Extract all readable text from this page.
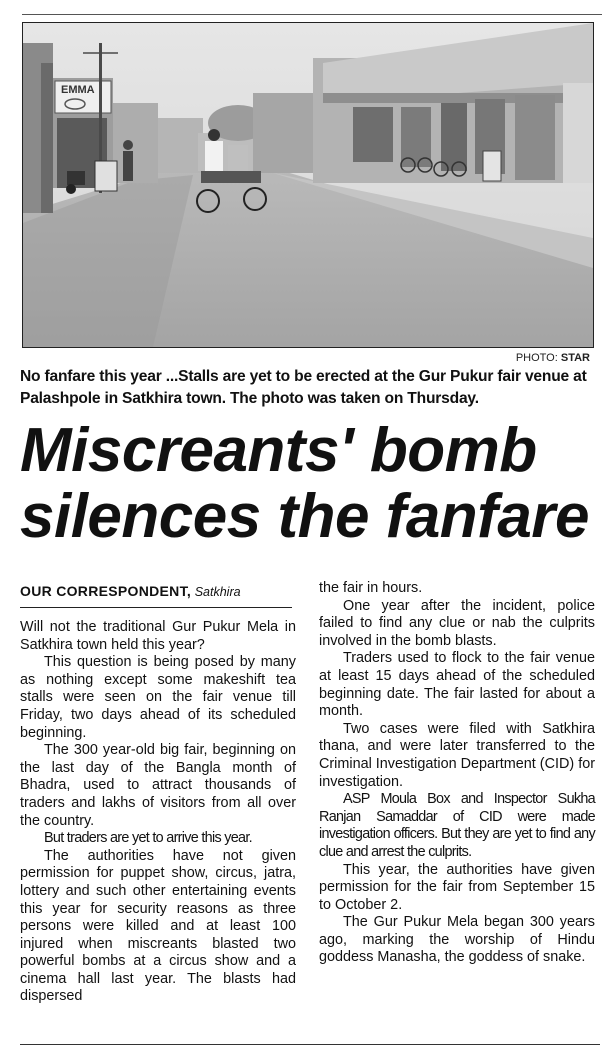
EMMA
PHOTO: STAR
No fanfare this year ...Stalls are yet to be erected at the Gur Pukur fair venue at Palashpole in Satkhira town. The photo was taken on Thursday.
Miscreants' bomb
silences the fanfare
OUR CORRESPONDENT, Satkhira

Will not the traditional Gur Pukur Mela in Satkhira town held this year?

This question is being posed by many as nothing except some makeshift tea stalls were seen on the fair venue till Friday, two days ahead of its scheduled beginning.

The 300 year-old big fair, beginning on the last day of the Bangla month of Bhadra, used to attract thousands of traders and lakhs of visitors from all over the country.

But traders are yet to arrive this year.

The authorities have not given permission for puppet show, circus, jatra, lottery and such other entertaining events this year for security reasons as three persons were killed and at least 100 injured when miscreants blasted two powerful bombs at a circus show and a cinema hall last year. The blasts had dispersed

the fair in hours.

One year after the incident, police failed to find any clue or nab the culprits involved in the bomb blasts.

Traders used to flock to the fair venue at least 15 days ahead of the scheduled beginning date. The fair lasted for about a month.

Two cases were filed with Satkhira thana, and were later transferred to the Criminal Investigation Department (CID) for investigation.

ASP Moula Box and Inspector Sukha Ranjan Samaddar of CID were made investigation officers. But they are yet to find any clue and arrest the culprits.

This year, the authorities have given permission for the fair from September 15 to October 2.

The Gur Pukur Mela began 300 years ago, marking the worship of Hindu goddess Manasha, the goddess of snake.
